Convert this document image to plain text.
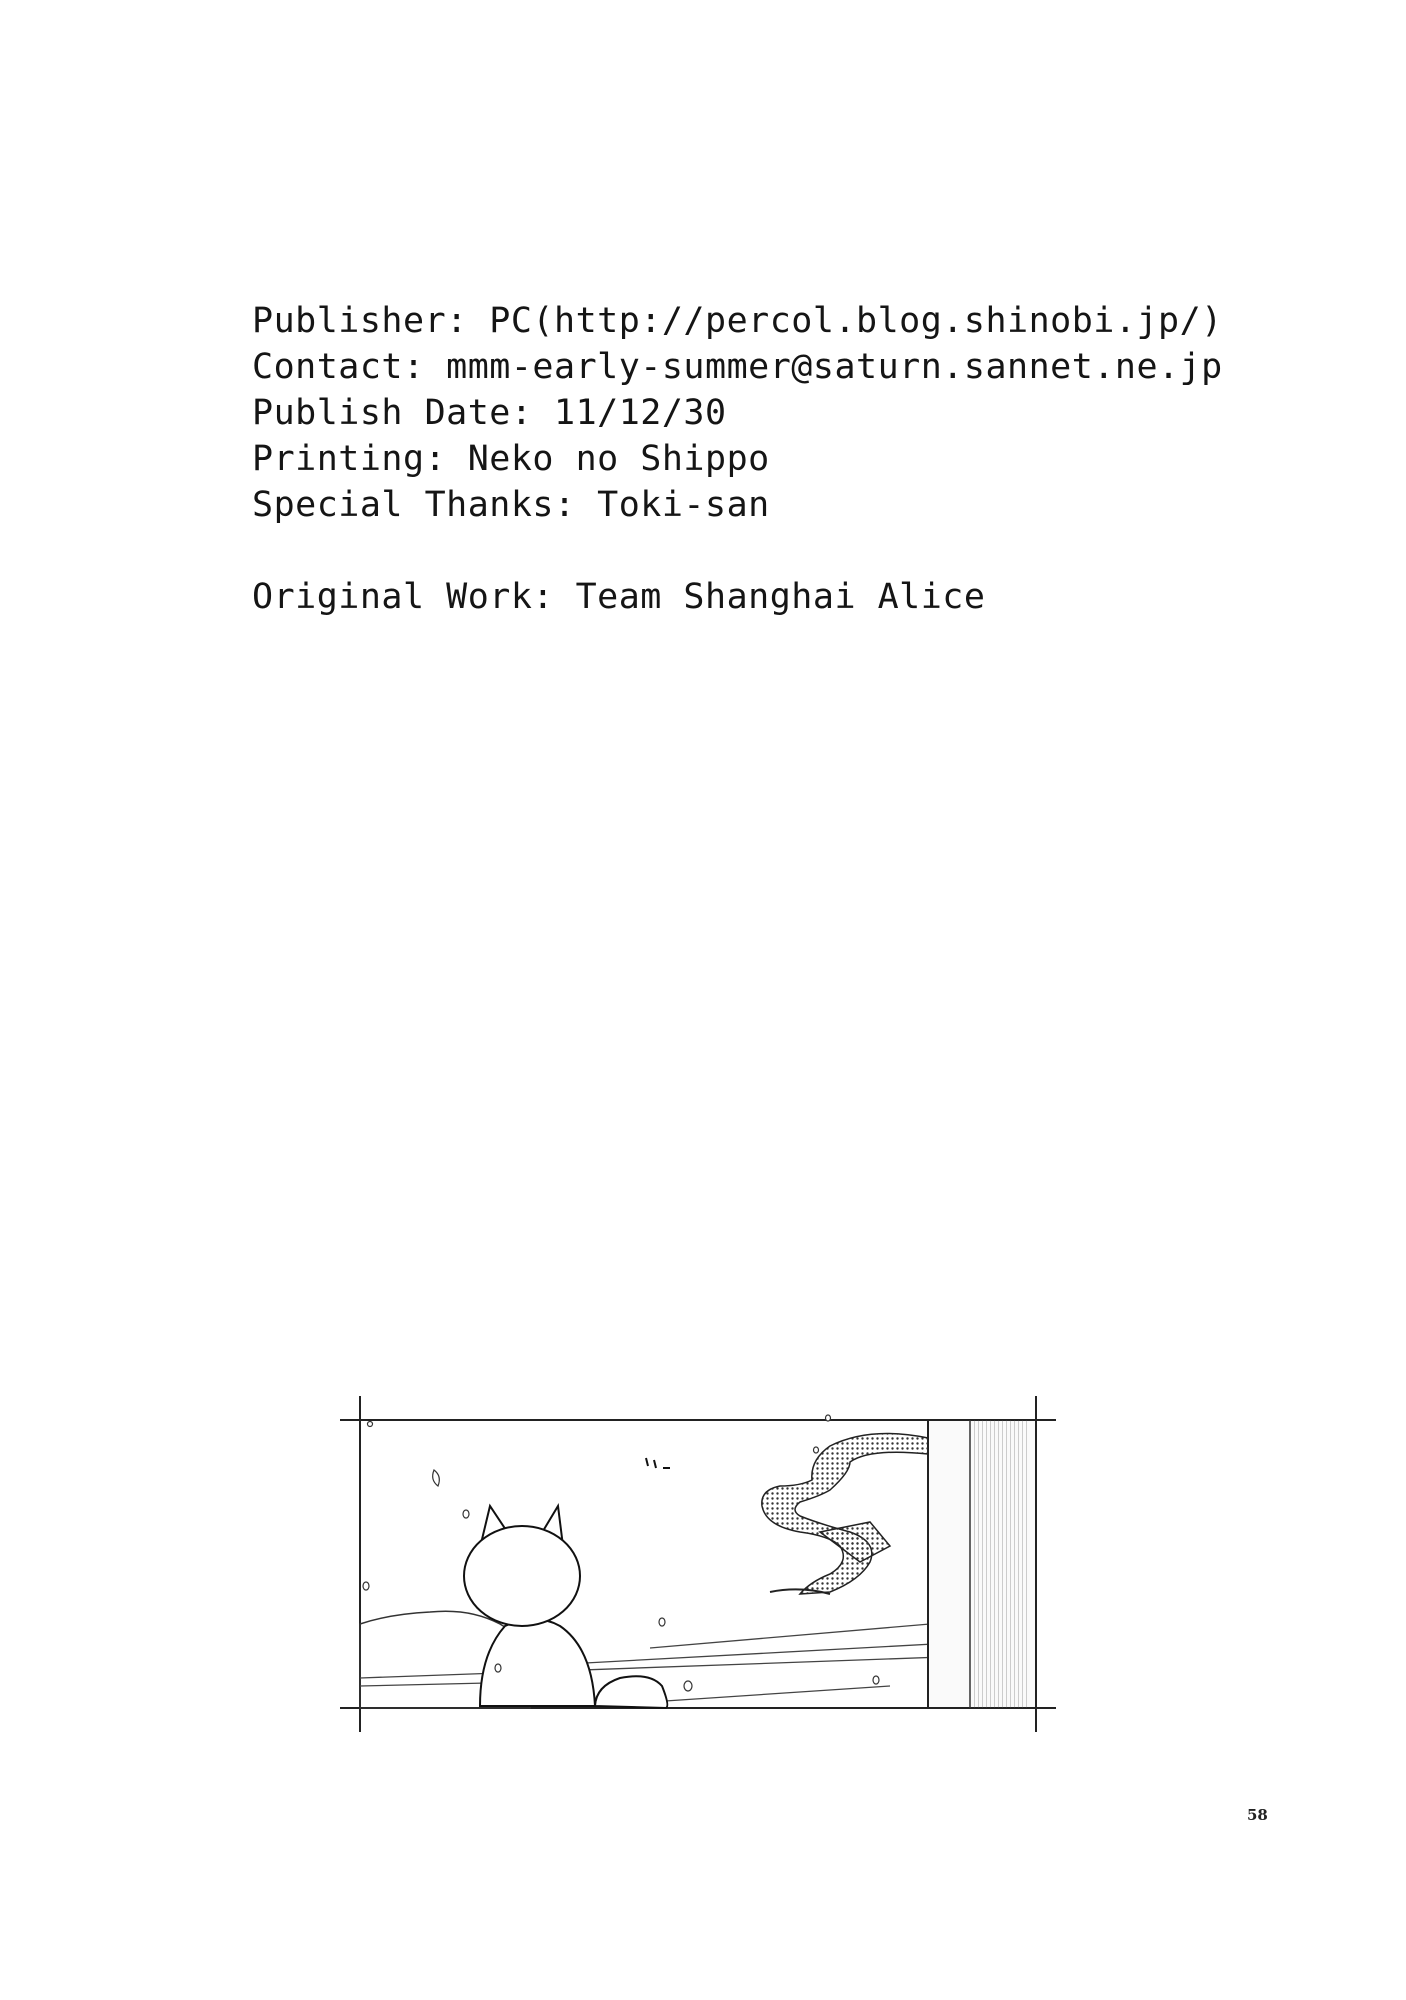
Publisher: PC(http://percol.blog.shinobi.jp/)
Contact: mmm-early-summer@saturn.sannet.ne.jp
Publish Date: 11/12/30
Printing: Neko no Shippo
Special Thanks: Toki-san
Original Work: Team Shanghai Alice
58
